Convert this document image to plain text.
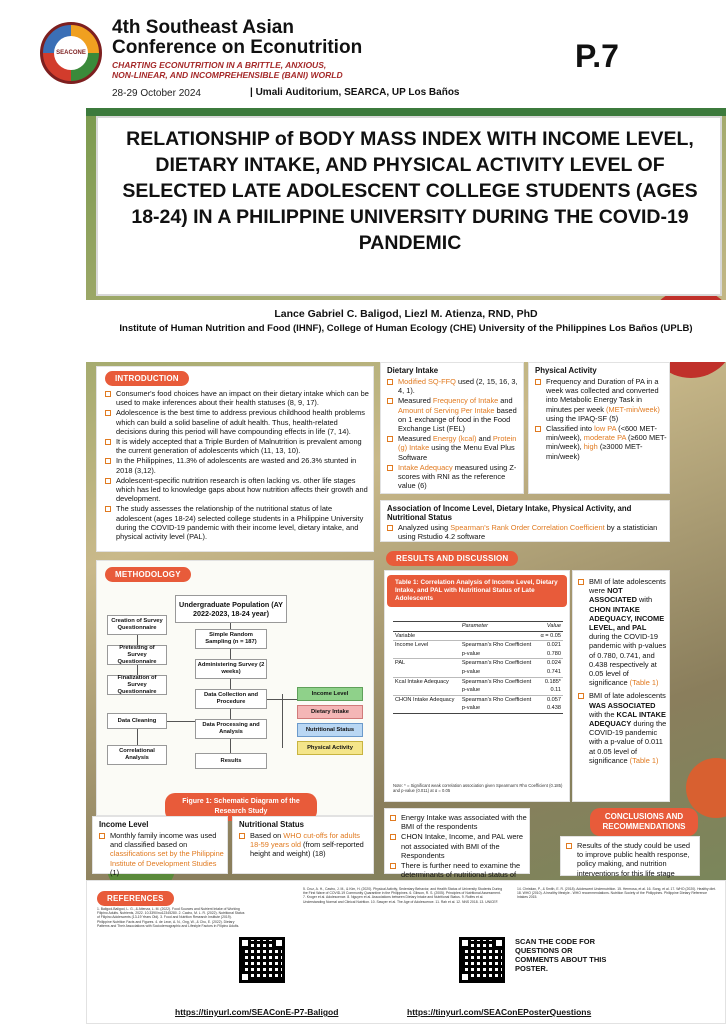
SEACONE
4th Southeast Asian
Conference on Econutrition
CHARTING ECONUTRITION IN A BRITTLE, ANXIOUS,
NON-LINEAR, AND INCOMPREHENSIBLE (BANI) WORLD
28-29 October 2024	| Umali Auditorium, SEARCA, UP Los Baños
P.7
RELATIONSHIP of BODY MASS INDEX WITH INCOME LEVEL, DIETARY INTAKE, AND PHYSICAL ACTIVITY LEVEL OF SELECTED LATE ADOLESCENT COLLEGE STUDENTS (AGES 18-24) IN A PHILIPPINE UNIVERSITY DURING THE COVID-19 PANDEMIC
Lance Gabriel C. Baligod, Liezl M. Atienza, RND, PhD
Institute of Human Nutrition and Food (IHNF), College of Human Ecology (CHE) University of the Philippines Los Baños (UPLB)
INTRODUCTION
Consumer's food choices have an impact on their dietary intake which can be used to make inferences about their health statuses (8, 9, 17).
Adolescence is the best time to address previous childhood health problems which can build a solid baseline of adult health. Thus, health-related decisions during this period will have compounding effects in life (7, 14).
It is widely accepted that a Triple Burden of Malnutrition is prevalent among the current generation of adolescents which (11, 13, 10).
In the Philippines, 11.3% of adolescents are wasted and 26.3% stunted in 2018 (3,12).
Adolescent-specific nutrition research is often lacking vs. other life stages which has led to knowledge gaps about how nutrition affects their growth and development.
The study assesses the relationship of the nutritional status of late adolescent (ages 18-24) selected college students in a Philippine University during the COVID-19 pandemic with their income level, dietary intake, and physical activity level (PAL).
METHODOLOGY
Undergraduate Population (AY 2022-2023, 18-24 year)
Creation of Survey Questionnaire
Pretesting of Survey Questionnaire
Finalization of Survey Questionnaire
Simple Random Sampling (n = 187)
Administering Survey (2 weeks)
Data Collection and Procedure
Data Cleaning
Data Processing and Analysis
Correlational Analysis	Results
Income Level
Dietary Intake
Nutritional Status
Physical Activity
Figure 1: Schematic Diagram of the Research Study
Income Level
Monthly family income was used and classified based on classifications set by the Philippine Institute of Development Studies (1)
Nutritional Status
Based on WHO cut-offs for adults 18-59 years old (from self-reported height and weight) (18)
Dietary Intake
Modified SQ-FFQ used (2, 15, 16, 3, 4, 1).
Measured Frequency of Intake and Amount of Serving Per Intake based on 1 exchange of food in the Food Exchange List (FEL)
Measured Energy (kcal) and Protein (g) Intake using the Menu Eval Plus Software
Intake Adequacy measured using Z-scores with RNI as the reference value (6)
Physical Activity
Frequency and Duration of PA in a week was collected and converted into Metabolic Energy Task in minutes per week (MET-min/week) using the IPAQ-SF (5)
Classified into low PA (<600 MET-min/week), moderate PA (≥600 MET-min/week), high (≥3000 MET-min/week)
Association of Income Level, Dietary Intake, Physical Activity, and Nutritional Status
Analyzed using Spearman's Rank Order Correlation Coefficient by a statistician using Rstudio 4.2 software
RESULTS AND DISCUSSION
Table 1: Correlation Analysis of Income Level, Dietary Intake, and PAL with Nutritional Status of Late Adolescents
	Parameter	Value
Variable		α = 0.05
Income Level	Spearman's Rho Coefficient	0.021
	p-value	0.780
PAL	Spearman's Rho Coefficient	0.024
	p-value	0.741
Kcal Intake Adequacy	Spearman's Rho Coefficient	0.185*
	p-value	0.11
CHON Intake Adequacy	Spearman's Rho Coefficient	0.057
	p-value	0.438
Note: * = Significant weak correlation association given Spearman's Rho Coefficient (0.185) and p-value (0.011) at α = 0.05
BMI of late adolescents were NOT ASSOCIATED with CHON INTAKE ADEQUACY, INCOME LEVEL, and PAL during the COVID-19 pandemic with p-values of 0.780, 0.741, and 0.438 respectively at 0.05 level of significance (Table 1)
BMI of late adolescents WAS ASSOCIATED with the KCAL INTAKE ADEQUACY during the COVID-19 pandemic with a p-value of 0.011 at 0.05 level of significance (Table 1)
Energy Intake was associated with the BMI of the respondents
CHON Intake, Income, and PAL were not associated with BMI of the Respondents
There is further need to examine the determinants of nutritional status of
CONCLUSIONS AND
RECOMMENDATIONS
Results of the study could be used to improve public health response, policy making, and nutrition interventions for this life stage
REFERENCES
1. Baligod-Baligod, L. G., & Atienza, L. M. (2022). Food Sources and Nutrient Intake of Working Filipino Adults. Nutrients, 2022. 10.3390/nu12345280. 2. Cacho, M. L. R. (2022). Nutritional Status of Filipino Adolescents (13-19 Years Old). 3. Food and Nutrition Research Institute (2019). Philippine Nutrition Facts and Figures. 4. de Leon, A. N., Ong, W., & Chu, E. (2022). Dietary Patterns and Their Associations with Sociodemographic and Lifestyle Factors in Filipino Adults.
5. Cruz, A. H., Castro, J. M., & Kim, H. (2020). Physical Activity, Sedentary Behavior, and Health Status of University Students During the First Wave of COVID-19 Community Quarantine in the Philippines. 6. Gibson, R. S. (2005). Principles of Nutritional Assessment. 7. Kroger et al. Adolescence. 8. Nguyen et al. Associations between Dietary Intake and Nutritional Status. 9. Rolfes et al. Understanding Normal and Clinical Nutrition. 10. Sawyer et al. The Age of Adolescence. 11. Rah et al. 12. NNS 2018. 13. UNICEF.
14. Christian, P., & Smith, E. R. (2018). Adolescent Undernutrition. 15. Hermosa, et al. 16. Song, et al. 17. WHO (2020). Healthy diet. 18. WHO (2010). A healthy lifestyle - WHO recommendations. Nutrition Society of the Philippines. Philippine Dietary Reference Intakes 2015.
SCAN THE CODE FOR QUESTIONS OR COMMENTS ABOUT THIS POSTER.
https://tinyurl.com/SEAConE-P7-Baligod	https://tinyurl.com/SEAConEPosterQuestions
